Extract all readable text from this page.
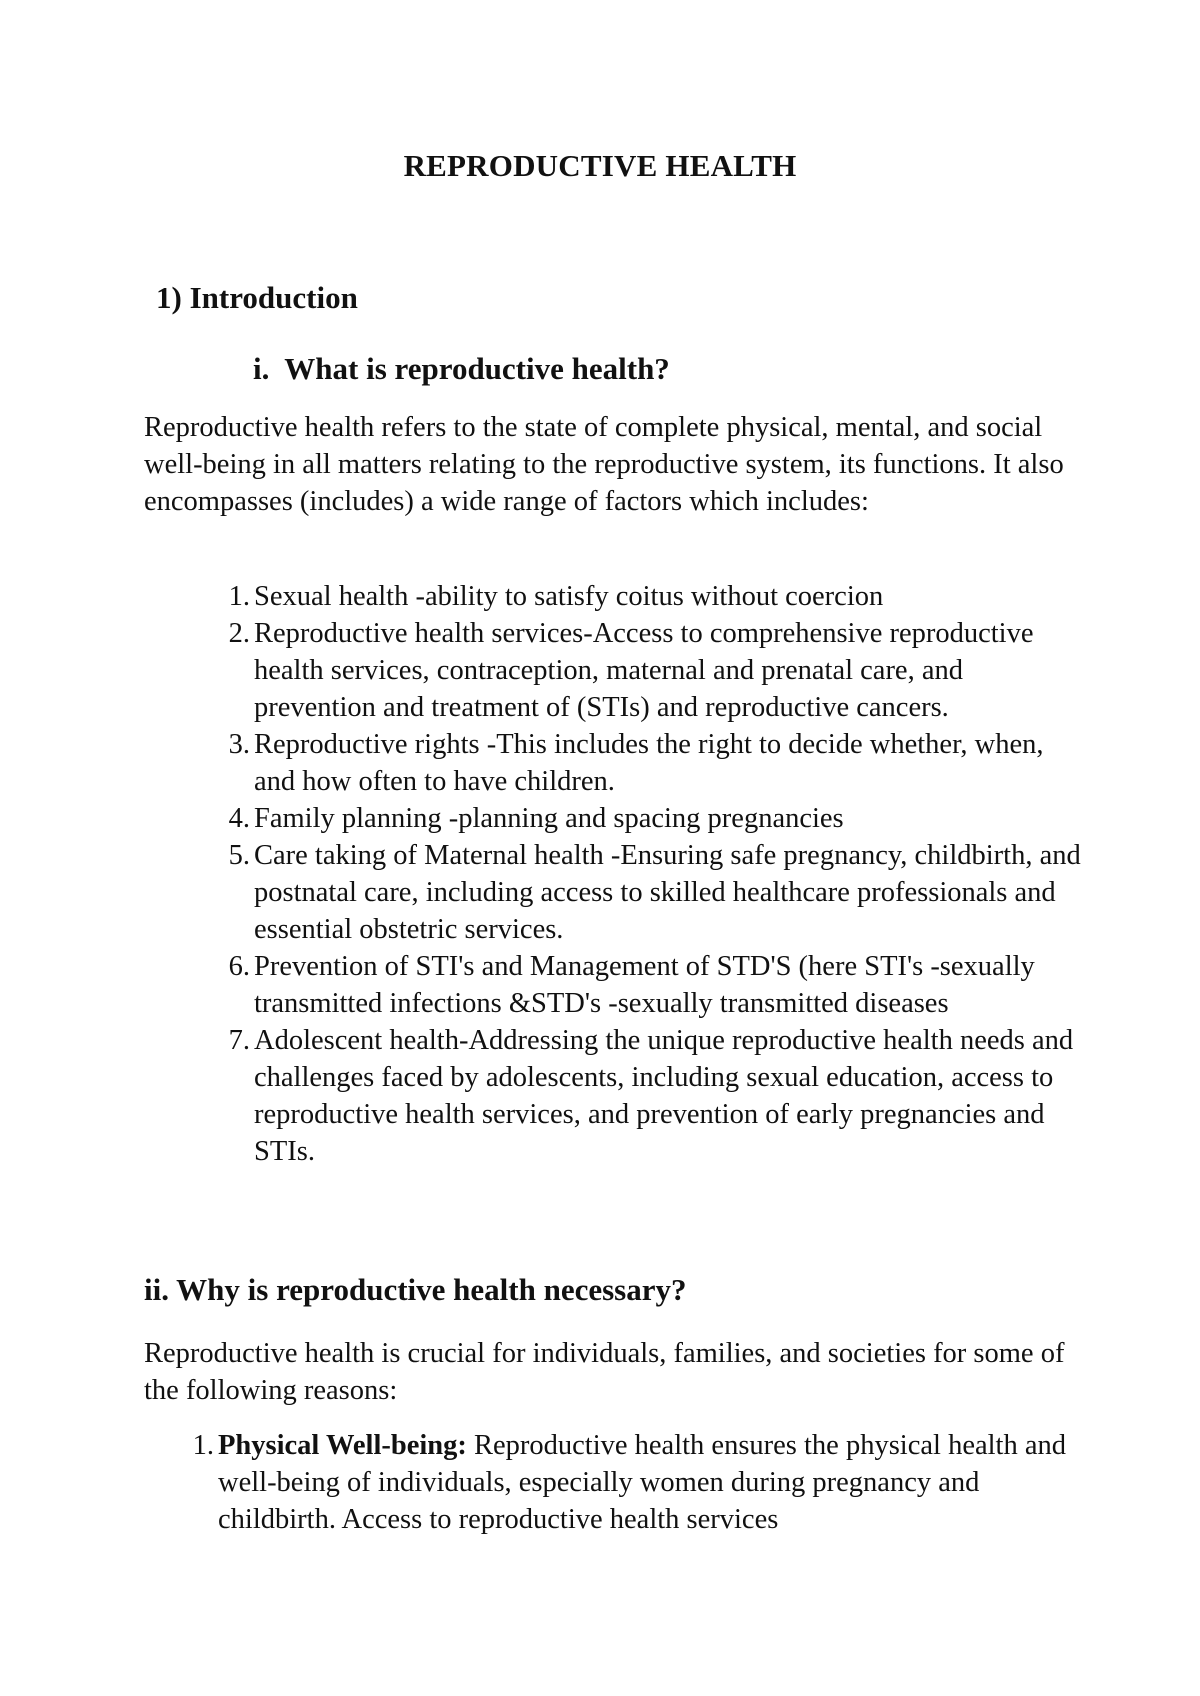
REPRODUCTIVE HEALTH
1) Introduction
i.  What is reproductive health?

Reproductive health refers to the state of complete physical, mental, and social well-being in all matters relating to the reproductive system, its functions. It also encompasses (includes) a wide range of factors which includes:

1. Sexual health -ability to satisfy coitus without coercion
2. Reproductive health services-Access to comprehensive reproductive health services, contraception, maternal and prenatal care, and prevention and treatment of (STIs) and reproductive cancers.
3. Reproductive rights -This includes the right to decide whether, when, and how often to have children.
4. Family planning -planning and spacing pregnancies
5. Care taking of Maternal health -Ensuring safe pregnancy, childbirth, and postnatal care, including access to skilled healthcare professionals and essential obstetric services.
6. Prevention of STI's and Management of STD'S (here STI's -sexually transmitted infections &STD's -sexually transmitted diseases
7. Adolescent health-Addressing the unique reproductive health needs and challenges faced by adolescents, including sexual education, access to reproductive health services, and prevention of early pregnancies and STIs.
ii. Why is reproductive health necessary?

Reproductive health is crucial for individuals, families, and societies for some of the following reasons:

1. Physical Well-being: Reproductive health ensures the physical health and well-being of individuals, especially women during pregnancy and childbirth. Access to reproductive health services
